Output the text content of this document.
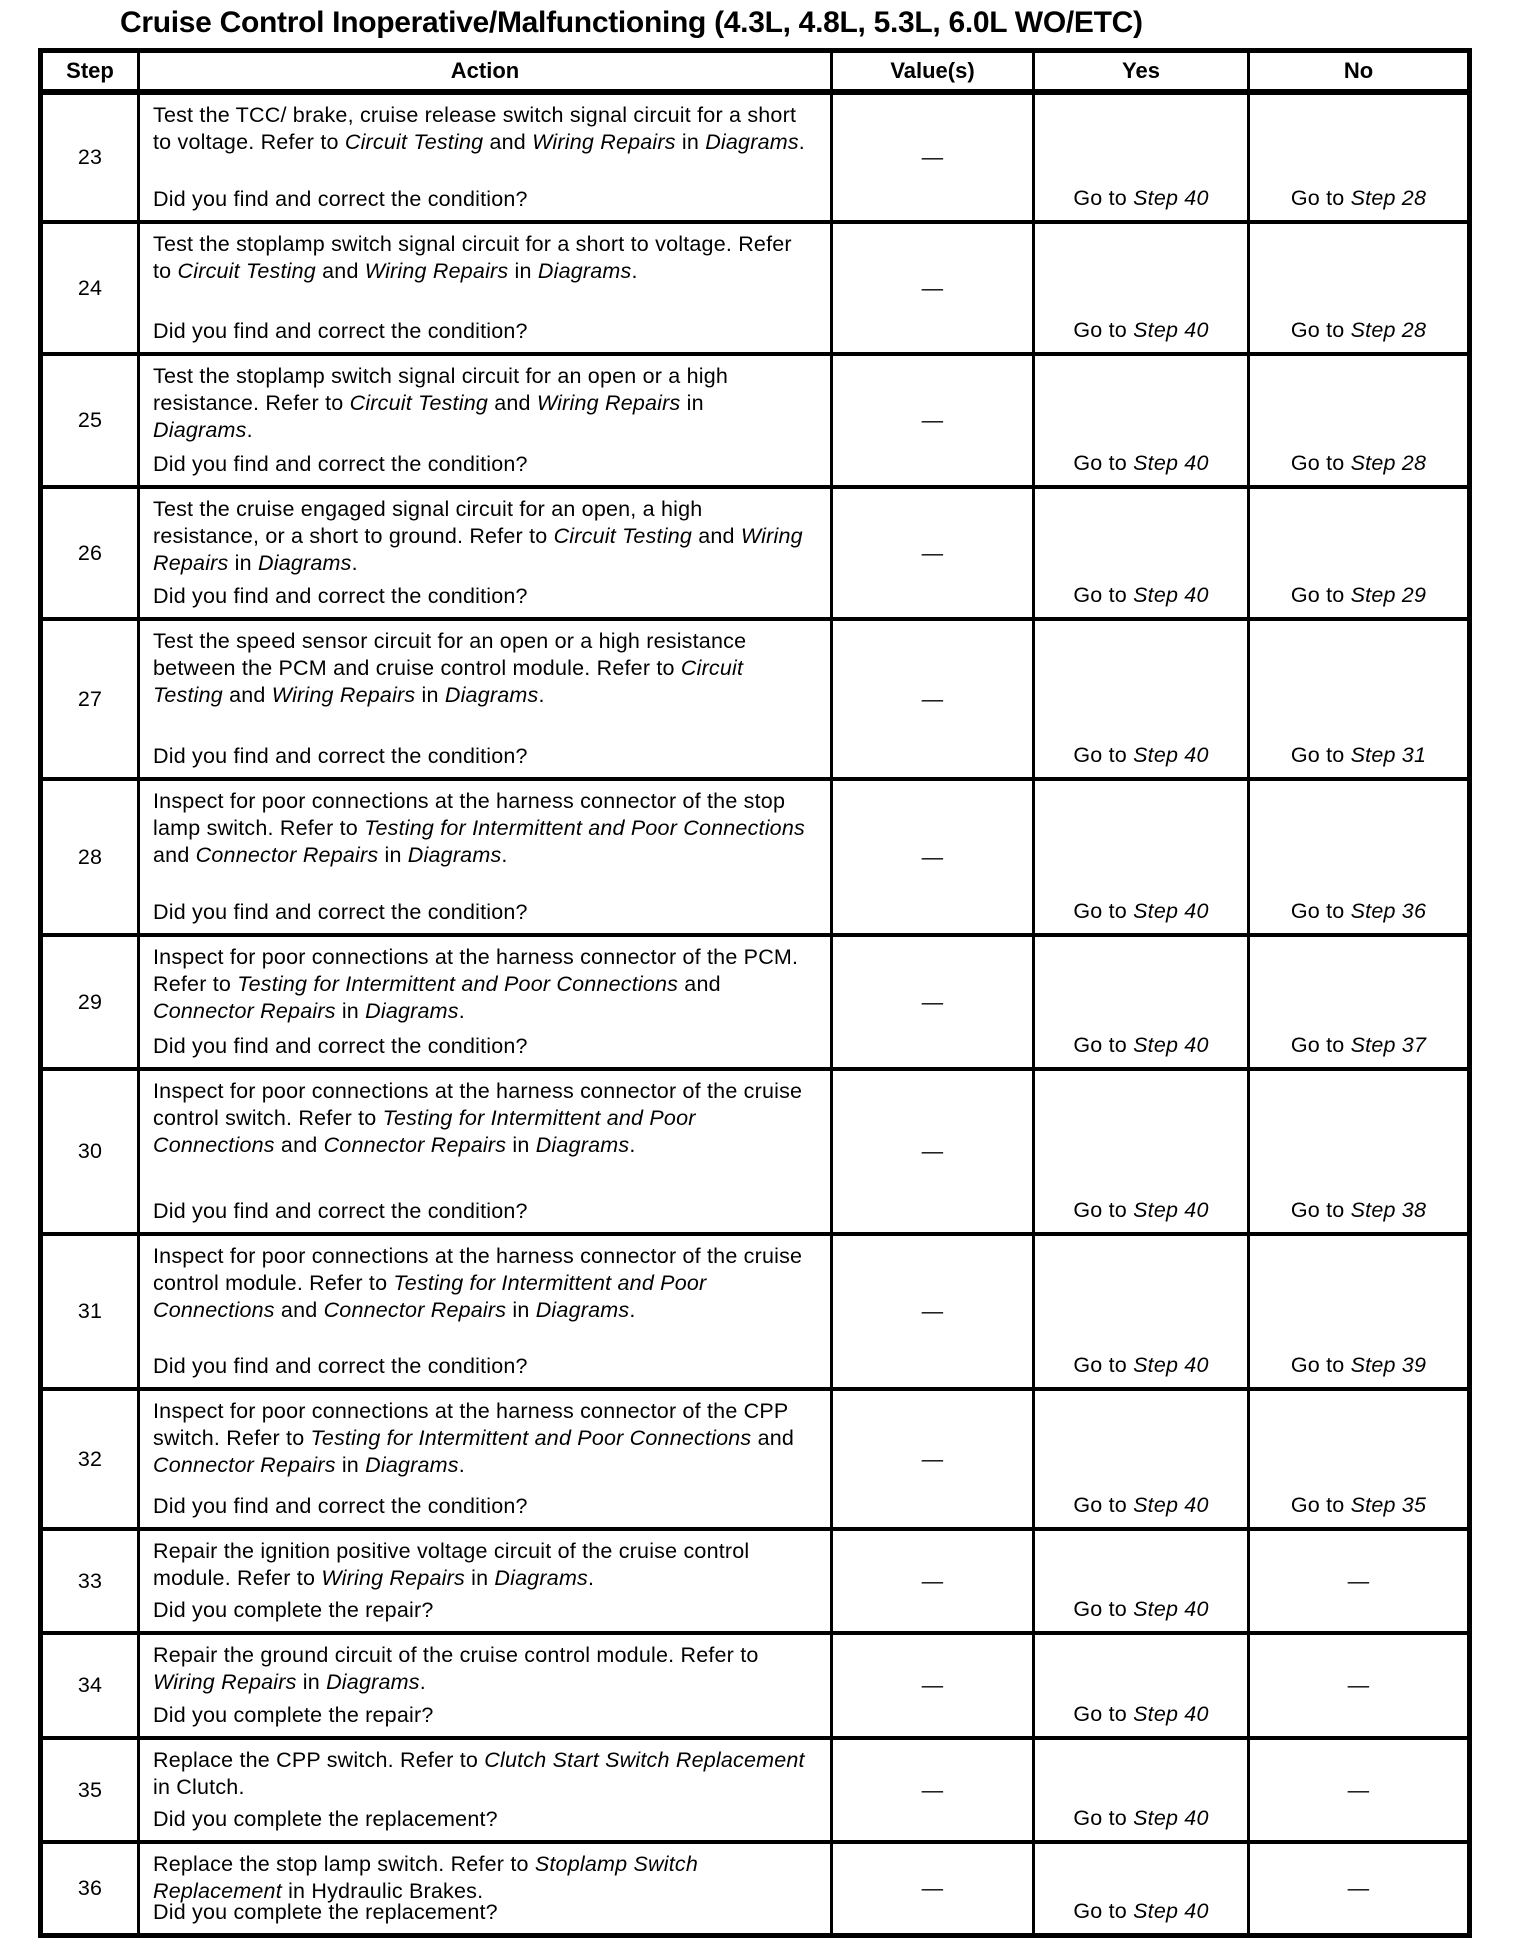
Cruise Control Inoperative/Malfunctioning (4.3L, 4.8L, 5.3L, 6.0L WO/ETC)
Step	Action	Value(s)	Yes	No
23	Test the TCC/ brake, cruise release switch signal circuit for a short to voltage. Refer to Circuit Testing and Wiring Repairs in Diagrams.
Did you find and correct the condition?	—	Go to Step 40	Go to Step 28
24	Test the stoplamp switch signal circuit for a short to voltage. Refer to Circuit Testing and Wiring Repairs in Diagrams.
Did you find and correct the condition?	—	Go to Step 40	Go to Step 28
25	Test the stoplamp switch signal circuit for an open or a high resistance. Refer to Circuit Testing and Wiring Repairs in Diagrams.
Did you find and correct the condition?	—	Go to Step 40	Go to Step 28
26	Test the cruise engaged signal circuit for an open, a high resistance, or a short to ground. Refer to Circuit Testing and Wiring Repairs in Diagrams.
Did you find and correct the condition?	—	Go to Step 40	Go to Step 29
27	Test the speed sensor circuit for an open or a high resistance between the PCM and cruise control module. Refer to Circuit Testing and Wiring Repairs in Diagrams.
Did you find and correct the condition?	—	Go to Step 40	Go to Step 31
28	Inspect for poor connections at the harness connector of the stop lamp switch. Refer to Testing for Intermittent and Poor Connections and Connector Repairs in Diagrams.
Did you find and correct the condition?	—	Go to Step 40	Go to Step 36
29	Inspect for poor connections at the harness connector of the PCM. Refer to Testing for Intermittent and Poor Connections and Connector Repairs in Diagrams.
Did you find and correct the condition?	—	Go to Step 40	Go to Step 37
30	Inspect for poor connections at the harness connector of the cruise control switch. Refer to Testing for Intermittent and Poor Connections and Connector Repairs in Diagrams.
Did you find and correct the condition?	—	Go to Step 40	Go to Step 38
31	Inspect for poor connections at the harness connector of the cruise control module. Refer to Testing for Intermittent and Poor Connections and Connector Repairs in Diagrams.
Did you find and correct the condition?	—	Go to Step 40	Go to Step 39
32	Inspect for poor connections at the harness connector of the CPP switch. Refer to Testing for Intermittent and Poor Connections and Connector Repairs in Diagrams.
Did you find and correct the condition?	—	Go to Step 40	Go to Step 35
33	Repair the ignition positive voltage circuit of the cruise control module. Refer to Wiring Repairs in Diagrams.
Did you complete the repair?	—	Go to Step 40	—
34	Repair the ground circuit of the cruise control module. Refer to Wiring Repairs in Diagrams.
Did you complete the repair?	—	Go to Step 40	—
35	Replace the CPP switch. Refer to Clutch Start Switch Replacement in Clutch.
Did you complete the replacement?	—	Go to Step 40	—
36	Replace the stop lamp switch. Refer to Stoplamp Switch Replacement in Hydraulic Brakes.
Did you complete the replacement?	—	Go to Step 40	—
